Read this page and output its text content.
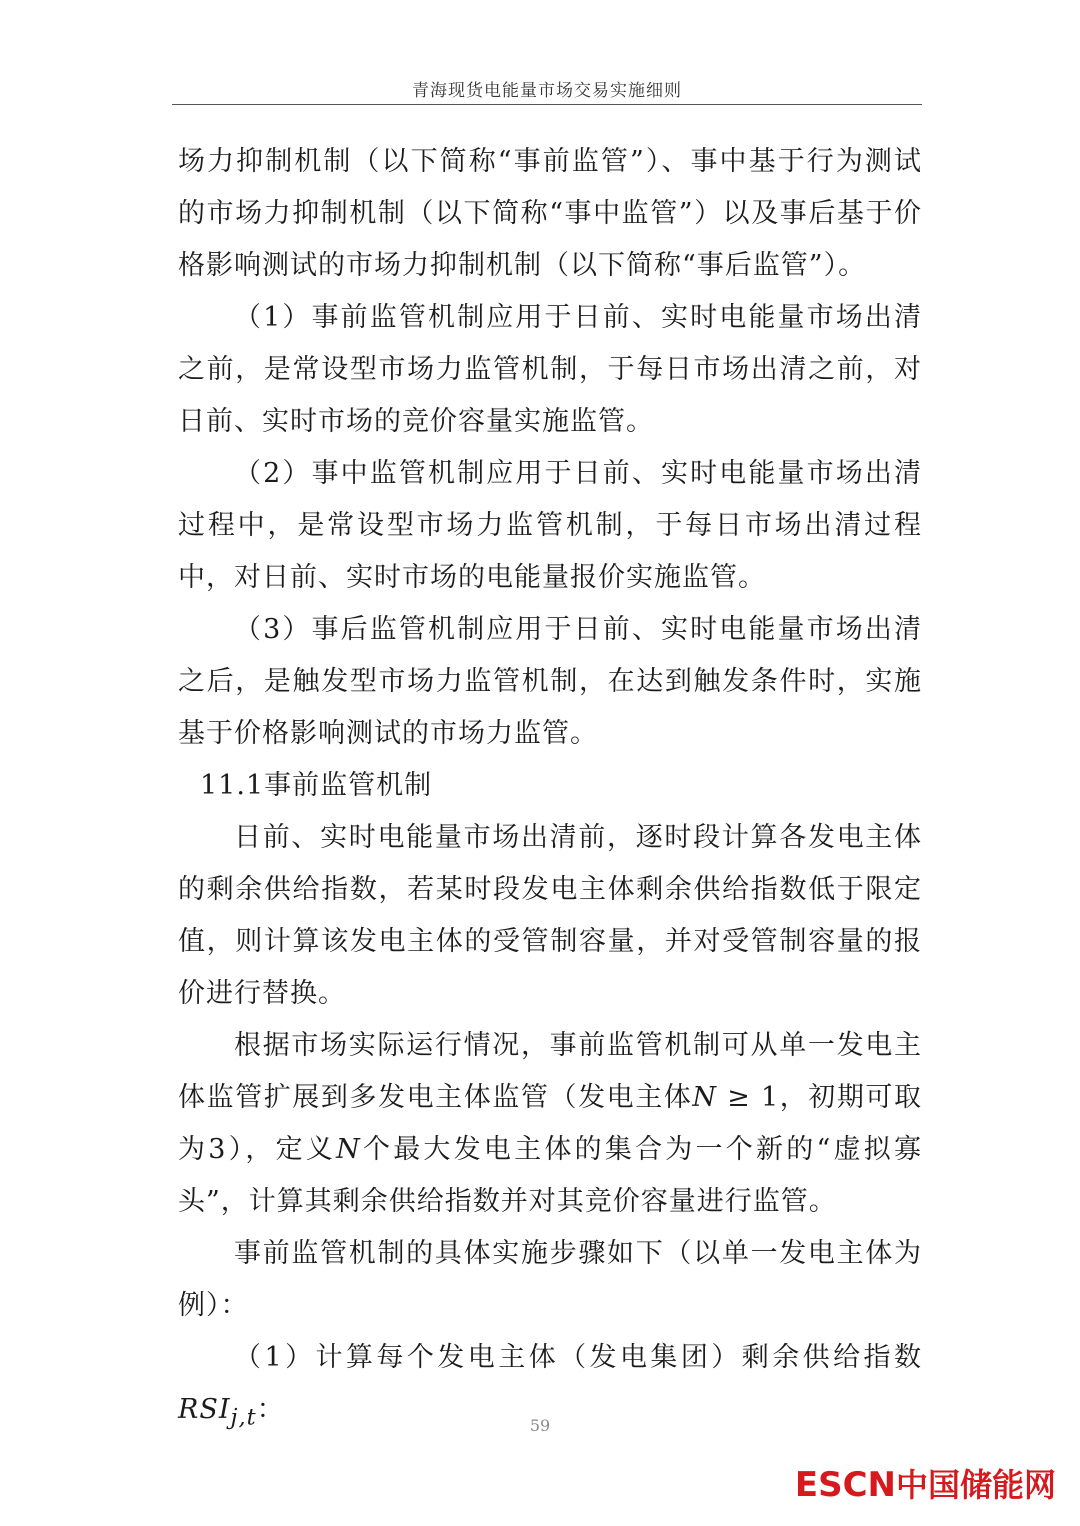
青海现货电能量市场交易实施细则

场力抑制机制（以下简称“事前监管”）、事中基于行为测试的市场力抑制机制（以下简称“事中监管”）以及事后基于价格影响测试的市场力抑制机制（以下简称“事后监管”）。

（1）事前监管机制应用于日前、实时电能量市场出清之前，是常设型市场力监管机制，于每日市场出清之前，对日前、实时市场的竞价容量实施监管。

（2）事中监管机制应用于日前、实时电能量市场出清过程中，是常设型市场力监管机制，于每日市场出清过程中，对日前、实时市场的电能量报价实施监管。

（3）事后监管机制应用于日前、实时电能量市场出清之后，是触发型市场力监管机制，在达到触发条件时，实施基于价格影响测试的市场力监管。

11.1事前监管机制

日前、实时电能量市场出清前，逐时段计算各发电主体的剩余供给指数，若某时段发电主体剩余供给指数低于限定值，则计算该发电主体的受管制容量，并对受管制容量的报价进行替换。

根据市场实际运行情况，事前监管机制可从单一发电主体监管扩展到多发电主体监管（发电主体N ≥ 1，初期可取为3），定义N个最大发电主体的集合为一个新的“虚拟寡头”，计算其剩余供给指数并对其竞价容量进行监管。

事前监管机制的具体实施步骤如下（以单一发电主体为例）：

（1）计算每个发电主体（发电集团）剩余供给指数$RSI_{j,t}$：

59
ESCN中国储能网
